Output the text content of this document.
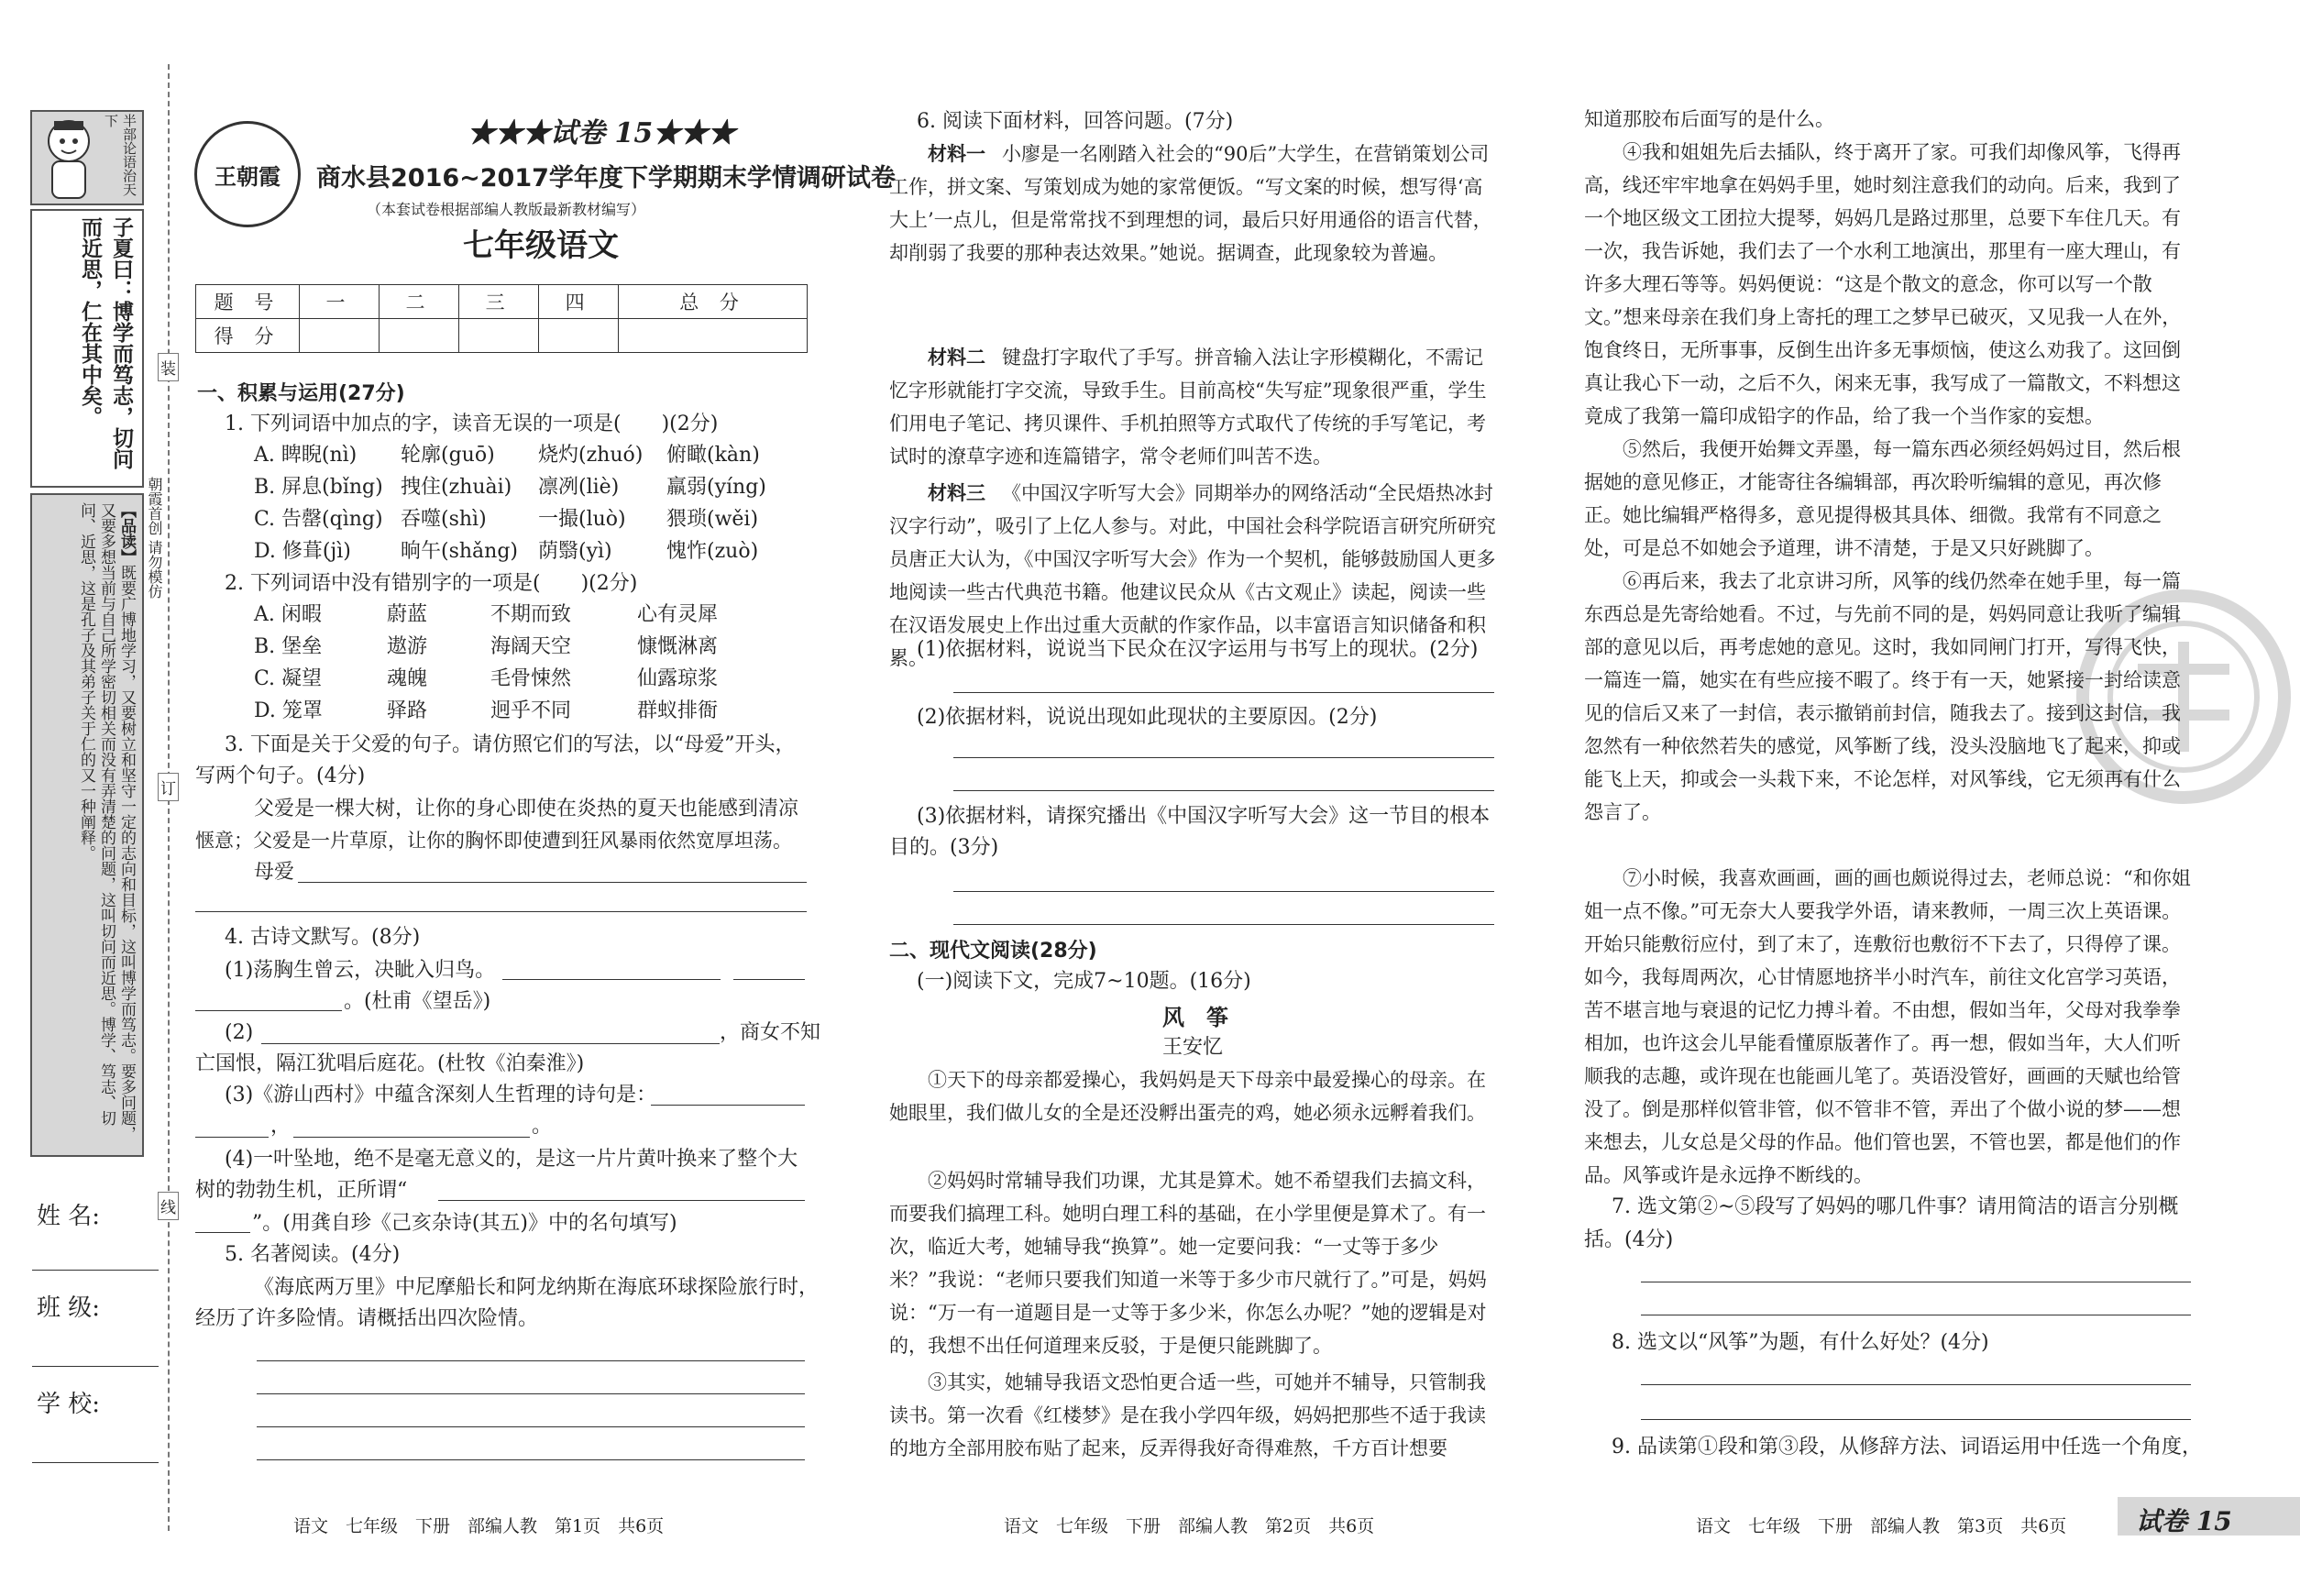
半部论语治天下
子夏曰：博学而笃志，切问而近思，仁在其中矣。
【品读】既要广博地学习，又要树立和坚守一定的志向和目标，这叫博学而笃志。要多问题，又要多想当前与自己所学密切相关而没有弄清楚的问题，这叫切问而近思。博学、笃志、切问、近思，这是孔子及其弟子关于仁的又一种阐释。
姓 名:
班 级:
学 校:
装
订
线
朝霞首创 请勿模仿
王朝霞
★★★试卷 15★★★
商水县2016~2017学年度下学期期末学情调研试卷
（本套试卷根据部编人教版最新教材编写）
七年级语文
题 号	一	二	三	四	总 分
得 分					
一、积累与运用(27分)
1. 下列词语中加点的字，读音无误的一项是(　　)(2分)
A. 睥睨(nì) 轮廓(guō) 烧灼(zhuó) 俯瞰(kàn)
B. 屏息(bǐng) 拽住(zhuài) 凛冽(liè) 羸弱(yíng)
C. 告罄(qìng) 吞噬(shì)	一撮(luò) 猥琐(wěi)
D. 修葺(jì) 晌午(shǎng) 荫翳(yì)	愧怍(zuò)
2. 下列词语中没有错别字的一项是(　　)(2分)
A. 闲暇	蔚蓝	不期而致	心有灵犀
B. 堡垒	遨游	海阔天空	慷慨淋离
C. 凝望	魂魄	毛骨悚然	仙露琼浆
D. 笼罩	驿路	迥乎不同	群蚁排衙
3. 下面是关于父爱的句子。请仿照它们的写法，以“母爱”开头，
写两个句子。(4分)
父爱是一棵大树，让你的身心即使在炎热的夏天也能感到清凉
惬意；父爱是一片草原，让你的胸怀即使遭到狂风暴雨依然宽厚坦荡。
母爱
4. 古诗文默写。(8分)
(1)荡胸生曾云，决眦入归鸟。
。(杜甫《望岳》)
(2)	，商女不知
亡国恨，隔江犹唱后庭花。(杜牧《泊秦淮》)
(3)《游山西村》中蕴含深刻人生哲理的诗句是：
，	。
(4)一叶坠地，绝不是毫无意义的，是这一片片黄叶换来了整个大
树的勃勃生机，正所谓“
”。(用龚自珍《己亥杂诗(其五)》中的名句填写)
5. 名著阅读。(4分)
《海底两万里》中尼摩船长和阿龙纳斯在海底环球探险旅行时，
经历了许多险情。请概括出四次险情。
语文　七年级　下册　部编人教　第1页　共6页
6. 阅读下面材料，回答问题。(7分)
材料一 小廖是一名刚踏入社会的“90后”大学生，在营销策划公司工作，拼文案、写策划成为她的家常便饭。“写文案的时候，想写得‘高大上’一点儿，但是常常找不到理想的词，最后只好用通俗的语言代替，却削弱了我要的那种表达效果。”她说。据调查，此现象较为普遍。
材料二 键盘打字取代了手写。拼音输入法让字形模糊化，不需记忆字形就能打字交流，导致手生。目前高校“失写症”现象很严重，学生们用电子笔记、拷贝课件、手机拍照等方式取代了传统的手写笔记，考试时的潦草字迹和连篇错字，常令老师们叫苦不迭。
材料三 《中国汉字听写大会》同期举办的网络活动“全民焐热冰封汉字行动”，吸引了上亿人参与。对此，中国社会科学院语言研究所研究员唐正大认为，《中国汉字听写大会》作为一个契机，能够鼓励国人更多地阅读一些古代典范书籍。他建议民众从《古文观止》读起，阅读一些在汉语发展史上作出过重大贡献的作家作品，以丰富语言知识储备和积累。
(1)依据材料，说说当下民众在汉字运用与书写上的现状。(2分)
(2)依据材料，说说出现如此现状的主要原因。(2分)
(3)依据材料，请探究播出《中国汉字听写大会》这一节目的根本
目的。(3分)
二、现代文阅读(28分)
(一)阅读下文，完成7~10题。(16分)
风　筝
王安忆
①天下的母亲都爱操心，我妈妈是天下母亲中最爱操心的母亲。在她眼里，我们做儿女的全是还没孵出蛋壳的鸡，她必须永远孵着我们。
②妈妈时常辅导我们功课，尤其是算术。她不希望我们去搞文科，而要我们搞理工科。她明白理工科的基础，在小学里便是算术了。有一次，临近大考，她辅导我“换算”。她一定要问我：“一丈等于多少米？”我说：“老师只要我们知道一米等于多少市尺就行了。”可是，妈妈说：“万一有一道题目是一丈等于多少米，你怎么办呢？”她的逻辑是对的，我想不出任何道理来反驳，于是便只能跳脚了。
③其实，她辅导我语文恐怕更合适一些，可她并不辅导，只管制我读书。第一次看《红楼梦》是在我小学四年级，妈妈把那些不适于我读的地方全部用胶布贴了起来，反弄得我好奇得难熬，千方百计想要
语文　七年级　下册　部编人教　第2页　共6页
知道那胶布后面写的是什么。
④我和姐姐先后去插队，终于离开了家。可我们却像风筝，飞得再高，线还牢牢地拿在妈妈手里，她时刻注意我们的动向。后来，我到了一个地区级文工团拉大提琴，妈妈几是路过那里，总要下车住几天。有一次，我告诉她，我们去了一个水利工地演出，那里有一座大理山，有许多大理石等等。妈妈便说：“这是个散文的意念，你可以写一个散文。”想来母亲在我们身上寄托的理工之梦早已破灭，又见我一人在外，饱食终日，无所事事，反倒生出许多无事烦恼，使这么劝我了。这回倒真让我心下一动，之后不久，闲来无事，我写成了一篇散文，不料想这竟成了我第一篇印成铅字的作品，给了我一个当作家的妄想。
⑤然后，我便开始舞文弄墨，每一篇东西必须经妈妈过目，然后根据她的意见修正，才能寄往各编辑部，再次聆听编辑的意见，再次修正。她比编辑严格得多，意见提得极其具体、细微。我常有不同意之处，可是总不如她会予道理，讲不清楚，于是又只好跳脚了。
⑥再后来，我去了北京讲习所，风筝的线仍然牵在她手里，每一篇东西总是先寄给她看。不过，与先前不同的是，妈妈同意让我听了编辑部的意见以后，再考虑她的意见。这时，我如同闸门打开，写得飞快，一篇连一篇，她实在有些应接不暇了。终于有一天，她紧接一封给读意见的信后又来了一封信，表示撤销前封信，随我去了。接到这封信，我忽然有一种依然若失的感觉，风筝断了线，没头没脑地飞了起来，抑或能飞上天，抑或会一头栽下来，不论怎样，对风筝线，它无须再有什么怨言了。
⑦小时候，我喜欢画画，画的画也颇说得过去，老师总说：“和你姐姐一点不像。”可无奈大人要我学外语，请来教师，一周三次上英语课。开始只能敷衍应付，到了末了，连敷衍也敷衍不下去了，只得停了课。如今，我每周两次，心甘情愿地挤半小时汽车，前往文化宫学习英语，苦不堪言地与衰退的记忆力搏斗着。不由想，假如当年，父母对我拳拳相加，也许这会儿早能看懂原版著作了。再一想，假如当年，大人们听顺我的志趣，或许现在也能画儿笔了。英语没管好，画画的天赋也给管没了。倒是那样似管非管，似不管非不管，弄出了个做小说的梦——想来想去，儿女总是父母的作品。他们管也罢，不管也罢，都是他们的作品。风筝或许是永远挣不断线的。
7. 选文第②~⑤段写了妈妈的哪几件事？请用简洁的语言分别概
括。(4分)
8. 选文以“风筝”为题，有什么好处？(4分)
9. 品读第①段和第③段，从修辞方法、词语运用中任选一个角度，
语文　七年级　下册　部编人教　第3页　共6页	试卷 15
